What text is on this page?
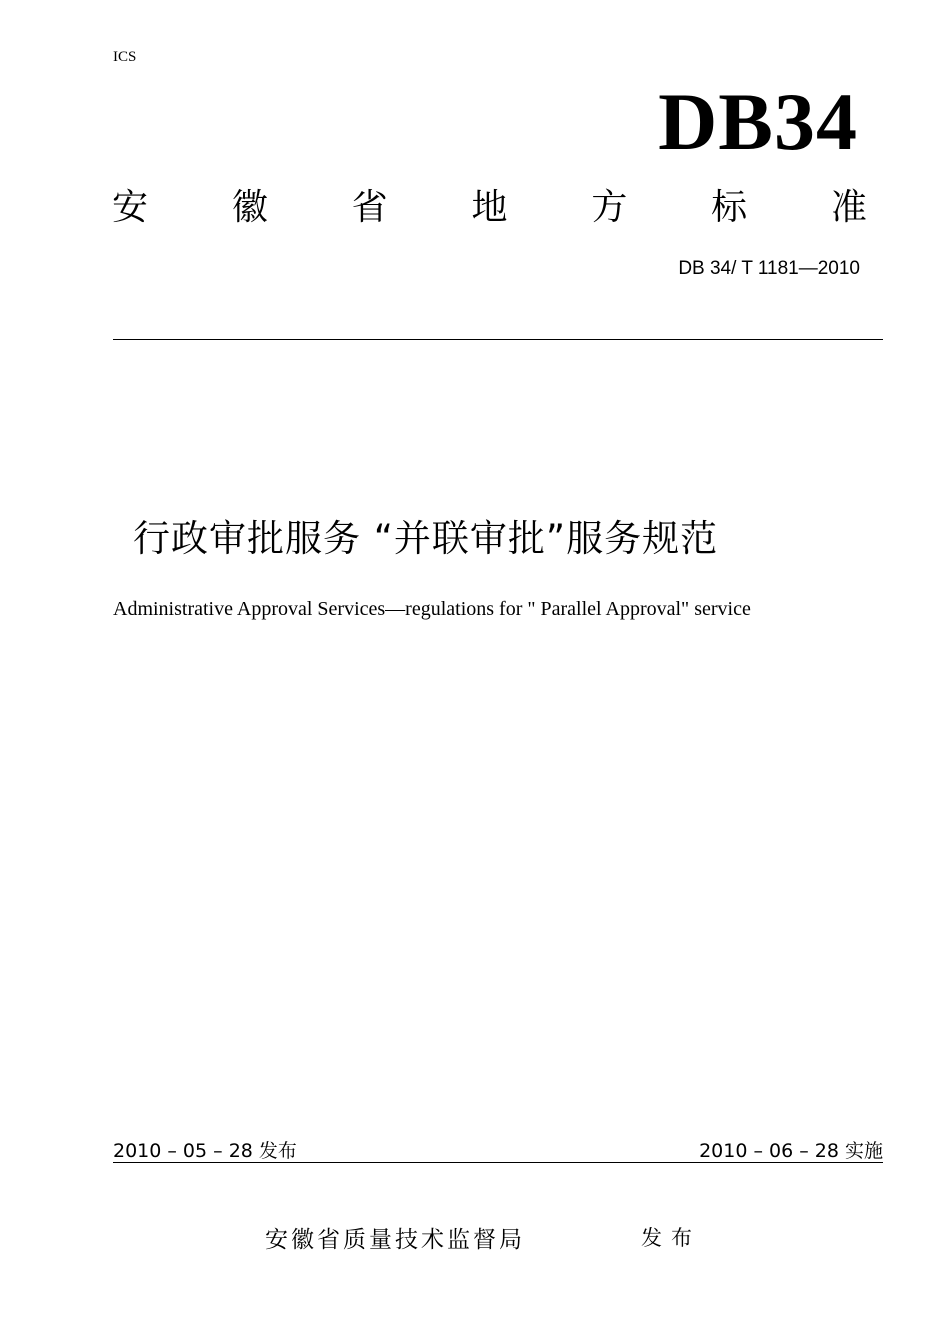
ICS
DB34
安 徽 省 地 方 标 准
DB 34/ T 1181—2010
行政审批服务 “并联审批”服务规范
Administrative Approval Services—regulations for " Parallel Approval" service
2010 – 05 – 28 发布	2010 – 06 – 28 实施
安徽省质量技术监督局	发布
